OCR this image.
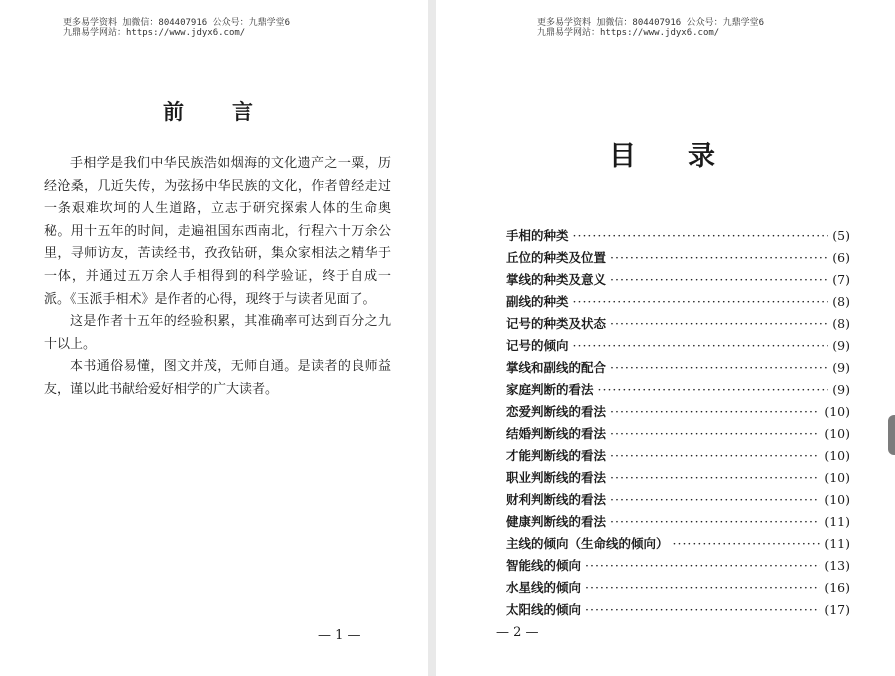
更多易学资料 加微信：804407916 公众号：九鼎学堂6
九鼎易学网站：https://www.jdyx6.com/
前言

手相学是我们中华民族浩如烟海的文化遗产之一粟，历经沧桑，几近失传，为弦扬中华民族的文化，作者曾经走过一条艰难坎坷的人生道路，立志于研究探索人体的生命奥秘。用十五年的时间，走遍祖国东西南北，行程六十万余公里，寻师访友，苦读经书，孜孜钻研，集众家相法之精华于一体，并通过五万余人手相得到的科学验证，终于自成一派。《玉派手相术》是作者的心得，现终于与读者见面了。

这是作者十五年的经验积累，其准确率可达到百分之九十以上。

本书通俗易懂，图文并茂，无师自通。是读者的良师益友，谨以此书献给爱好相学的广大读者。

— 1 —
更多易学资料 加微信：804407916 公众号：九鼎学堂6
九鼎易学网站：https://www.jdyx6.com/
目录
手相的种类 ·····	(5)
丘位的种类及位置 ·····	(6)
掌线的种类及意义 ·····	(7)
副线的种类 ·····	(8)
记号的种类及状态 ·····	(8)
记号的倾向 ·····	(9)
掌线和副线的配合 ·····	(9)
家庭判断的看法 ·····	(9)
恋爱判断线的看法 ·····	(10)
结婚判断线的看法 ·····	(10)
才能判断线的看法 ·····	(10)
职业判断线的看法 ·····	(10)
财利判断线的看法 ·····	(10)
健康判断线的看法 ·····	(11)
主线的倾向（生命线的倾向） ·····	(11)
智能线的倾向 ·····	(13)
水星线的倾向 ·····	(16)
太阳线的倾向 ·····	(17)
— 2 —
